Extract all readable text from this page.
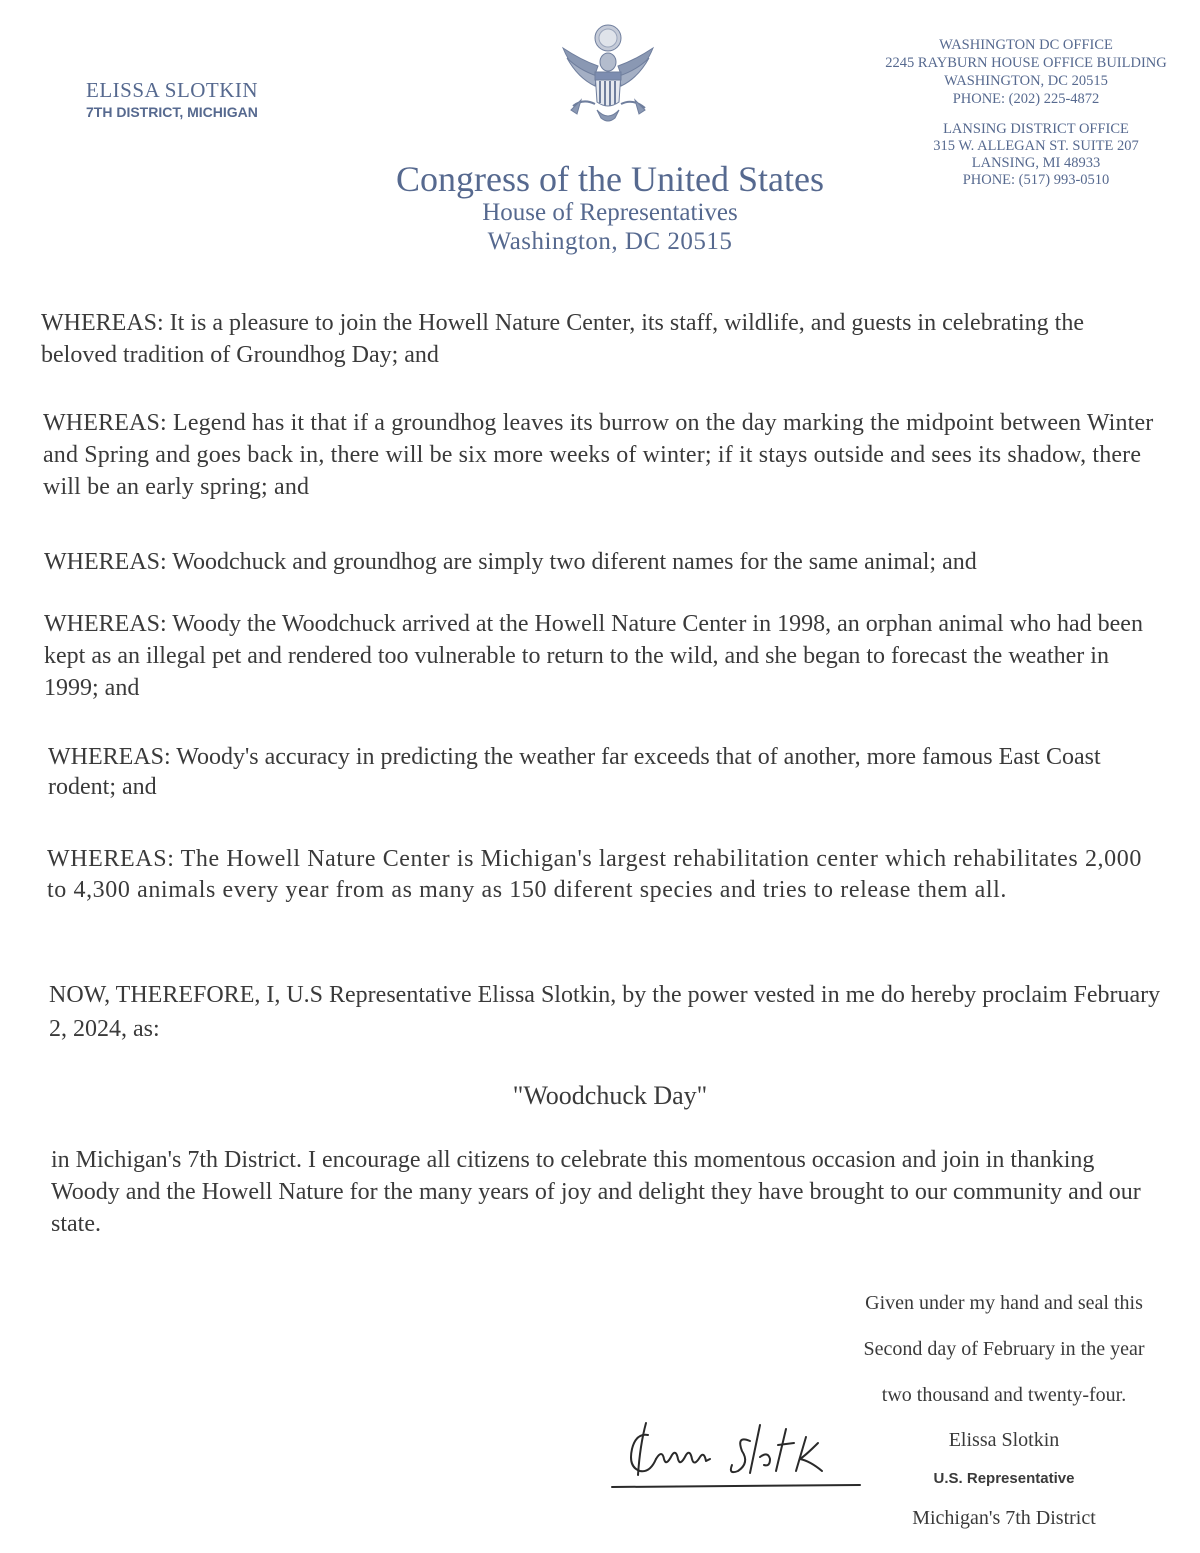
ELISSA SLOTKIN
7TH DISTRICT, MICHIGAN
WASHINGTON DC OFFICE
2245 RAYBURN HOUSE OFFICE BUILDING
WASHINGTON, DC 20515
PHONE: (202) 225-4872
LANSING DISTRICT OFFICE
315 W. ALLEGAN ST. SUITE 207
LANSING, MI 48933
PHONE: (517) 993-0510
Congress of the United States
House of Representatives
Washington, DC 20515
WHEREAS: It is a pleasure to join the Howell Nature Center, its staff, wildlife, and guests in celebrating the beloved tradition of Groundhog Day; and
WHEREAS: Legend has it that if a groundhog leaves its burrow on the day marking the midpoint between Winter and Spring and goes back in, there will be six more weeks of winter; if it stays outside and sees its shadow, there will be an early spring; and
WHEREAS: Woodchuck and groundhog are simply two diferent names for the same animal; and
WHEREAS: Woody the Woodchuck arrived at the Howell Nature Center in 1998, an orphan animal who had been kept as an illegal pet and rendered too vulnerable to return to the wild, and she began to forecast the weather in 1999; and
WHEREAS: Woody's accuracy in predicting the weather far exceeds that of another, more famous East Coast rodent; and
WHEREAS: The Howell Nature Center is Michigan's largest rehabilitation center which rehabilitates 2,000 to 4,300 animals every year from as many as 150 diferent species and tries to release them all.
NOW, THEREFORE, I, U.S Representative Elissa Slotkin, by the power vested in me do hereby proclaim February 2, 2024, as:
"Woodchuck Day"
in Michigan's 7th District. I encourage all citizens to celebrate this momentous occasion and join in thanking Woody and the Howell Nature for the many years of joy and delight they have brought to our community and our state.
Given under my hand and seal this
Second day of February in the year
two thousand and twenty-four.
Elissa Slotkin
U.S. Representative
Michigan's 7th District
